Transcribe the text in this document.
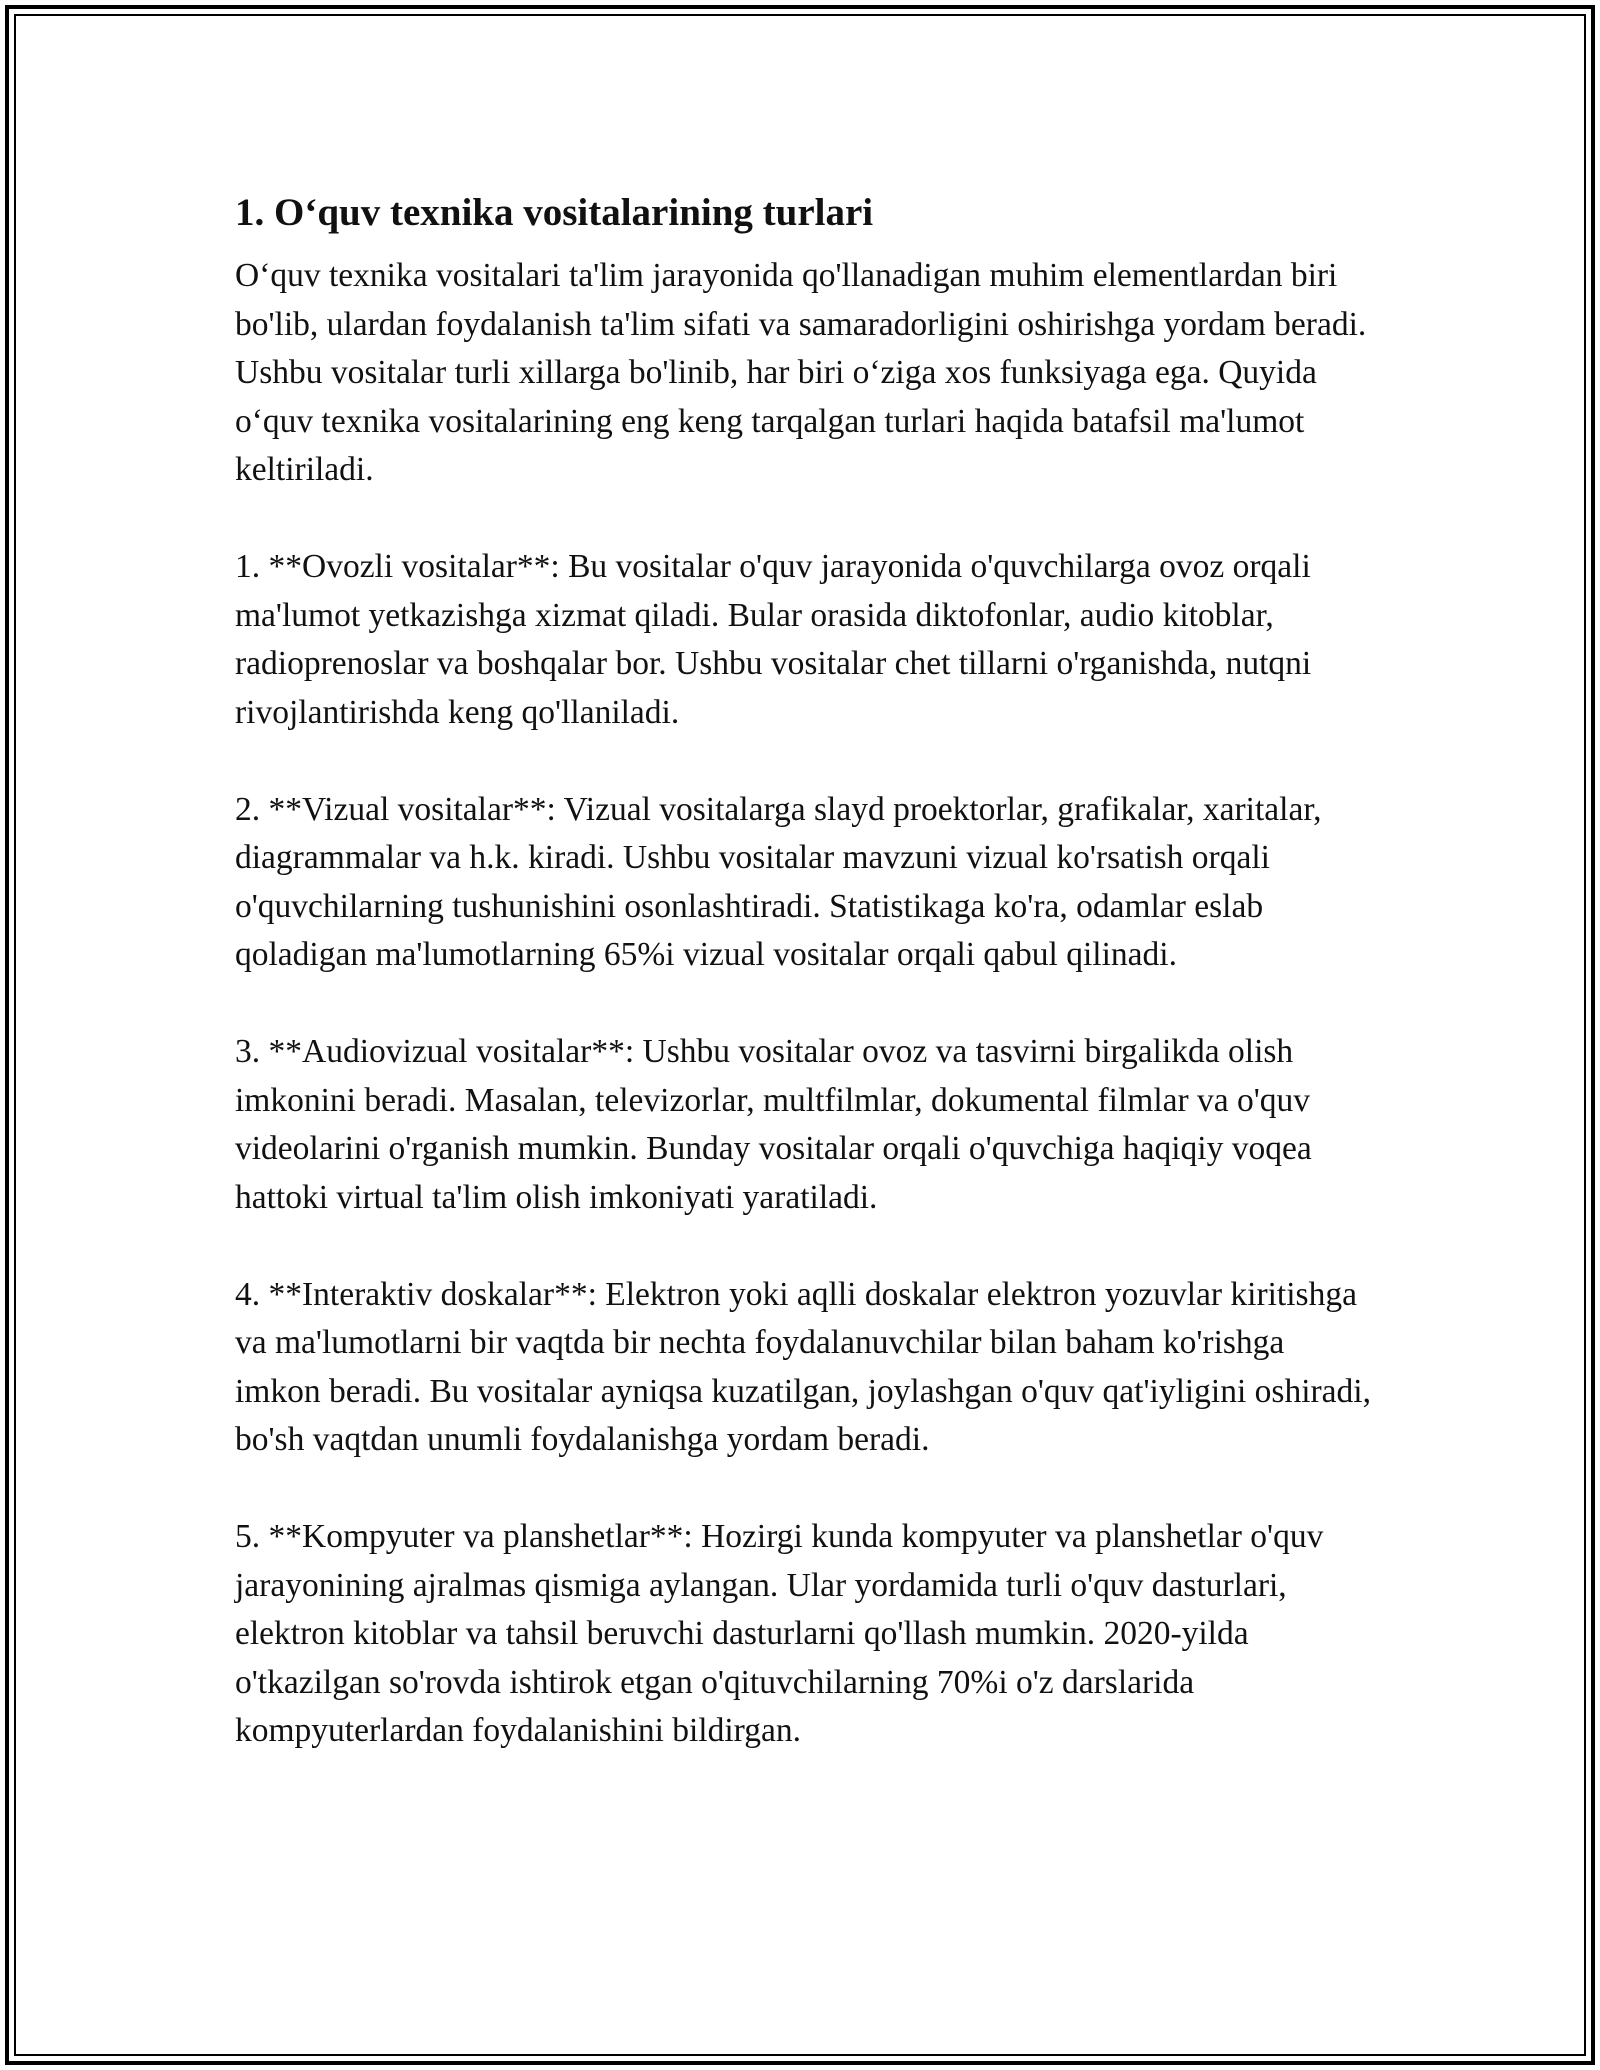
1. O‘quv texnika vositalarining turlari

O‘quv texnika vositalari ta'lim jarayonida qo'llanadigan muhim elementlardan biri bo'lib, ulardan foydalanish ta'lim sifati va samaradorligini oshirishga yordam beradi. Ushbu vositalar turli xillarga bo'linib, har biri o‘ziga xos funksiyaga ega. Quyida o‘quv texnika vositalarining eng keng tarqalgan turlari haqida batafsil ma'lumot keltiriladi.

1. **Ovozli vositalar**: Bu vositalar o'quv jarayonida o'quvchilarga ovoz orqali ma'lumot yetkazishga xizmat qiladi. Bular orasida diktofonlar, audio kitoblar, radioprenoslar va boshqalar bor. Ushbu vositalar chet tillarni o'rganishda, nutqni rivojlantirishda keng qo'llaniladi.

2. **Vizual vositalar**: Vizual vositalarga slayd proektorlar, grafikalar, xaritalar, diagrammalar va h.k. kiradi. Ushbu vositalar mavzuni vizual ko'rsatish orqali o'quvchilarning tushunishini osonlashtiradi. Statistikaga ko'ra, odamlar eslab qoladigan ma'lumotlarning 65%i vizual vositalar orqali qabul qilinadi.

3. **Audiovizual vositalar**: Ushbu vositalar ovoz va tasvirni birgalikda olish imkonini beradi. Masalan, televizorlar, multfilmlar, dokumental filmlar va o'quv videolarini o'rganish mumkin. Bunday vositalar orqali o'quvchiga haqiqiy voqea hattoki virtual ta'lim olish imkoniyati yaratiladi.

4. **Interaktiv doskalar**: Elektron yoki aqlli doskalar elektron yozuvlar kiritishga va ma'lumotlarni bir vaqtda bir nechta foydalanuvchilar bilan baham ko'rishga imkon beradi. Bu vositalar ayniqsa kuzatilgan, joylashgan o'quv qat'iyligini oshiradi, bo'sh vaqtdan unumli foydalanishga yordam beradi.

5. **Kompyuter va planshetlar**: Hozirgi kunda kompyuter va planshetlar o'quv jarayonining ajralmas qismiga aylangan. Ular yordamida turli o'quv dasturlari, elektron kitoblar va tahsil beruvchi dasturlarni qo'llash mumkin. 2020-yilda o'tkazilgan so'rovda ishtirok etgan o'qituvchilarning 70%i o'z darslarida kompyuterlardan foydalanishini bildirgan.
